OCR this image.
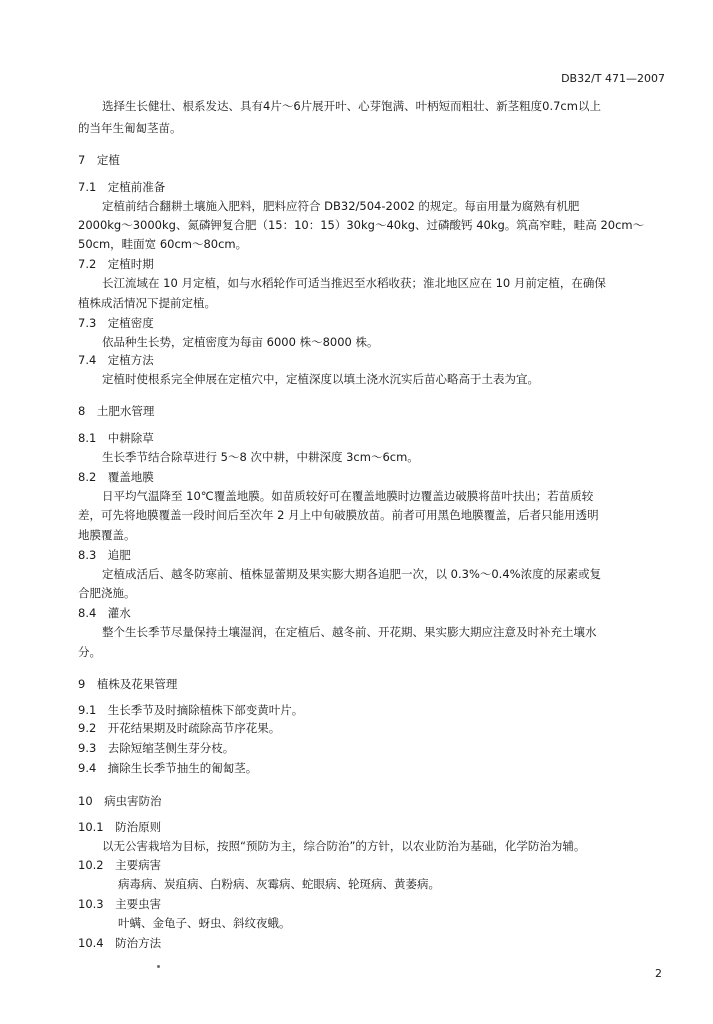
DB32/T 471—2007
选择生长健壮、根系发达、具有4片～6片展开叶、心芽饱满、叶柄短而粗壮、新茎粗度0.7cm以上
的当年生匍匐茎苗。
7　定植
7.1　定植前准备
定植前结合翻耕土壤施入肥料，肥料应符合 DB32/504-2002 的规定。每亩用量为腐熟有机肥
2000kg～3000kg、氮磷钾复合肥（15：10：15）30kg～40kg、过磷酸钙 40kg。筑高窄畦，畦高 20cm～
50cm，畦面宽 60cm～80cm。
7.2　定植时期
长江流域在 10 月定植，如与水稻轮作可适当推迟至水稻收获；淮北地区应在 10 月前定植，在确保
植株成活情况下提前定植。
7.3　定植密度
依品种生长势，定植密度为每亩 6000 株～8000 株。
7.4　定植方法
定植时使根系完全伸展在定植穴中，定植深度以填土浇水沉实后苗心略高于土表为宜。
8　土肥水管理
8.1　中耕除草
生长季节结合除草进行 5～8 次中耕，中耕深度 3cm～6cm。
8.2　覆盖地膜
日平均气温降至 10℃覆盖地膜。如苗质较好可在覆盖地膜时边覆盖边破膜将苗叶扶出；若苗质较
差，可先将地膜覆盖一段时间后至次年 2 月上中旬破膜放苗。前者可用黑色地膜覆盖，后者只能用透明
地膜覆盖。
8.3　追肥
定植成活后、越冬防寒前、植株显蕾期及果实膨大期各追肥一次，以 0.3%～0.4%浓度的尿素或复
合肥浇施。
8.4　灌水
整个生长季节尽量保持土壤湿润，在定植后、越冬前、开花期、果实膨大期应注意及时补充土壤水
分。
9　植株及花果管理
9.1　生长季节及时摘除植株下部变黄叶片。
9.2　开花结果期及时疏除高节序花果。
9.3　去除短缩茎侧生芽分枝。
9.4　摘除生长季节抽生的匍匐茎。
10　病虫害防治
10.1　防治原则
以无公害栽培为目标，按照“预防为主，综合防治”的方针，以农业防治为基础，化学防治为辅。
10.2　主要病害
病毒病、炭疽病、白粉病、灰霉病、蛇眼病、轮斑病、黄萎病。
10.3　主要虫害
叶螨、金龟子、蚜虫、斜纹夜蛾。
10.4　防治方法
2
